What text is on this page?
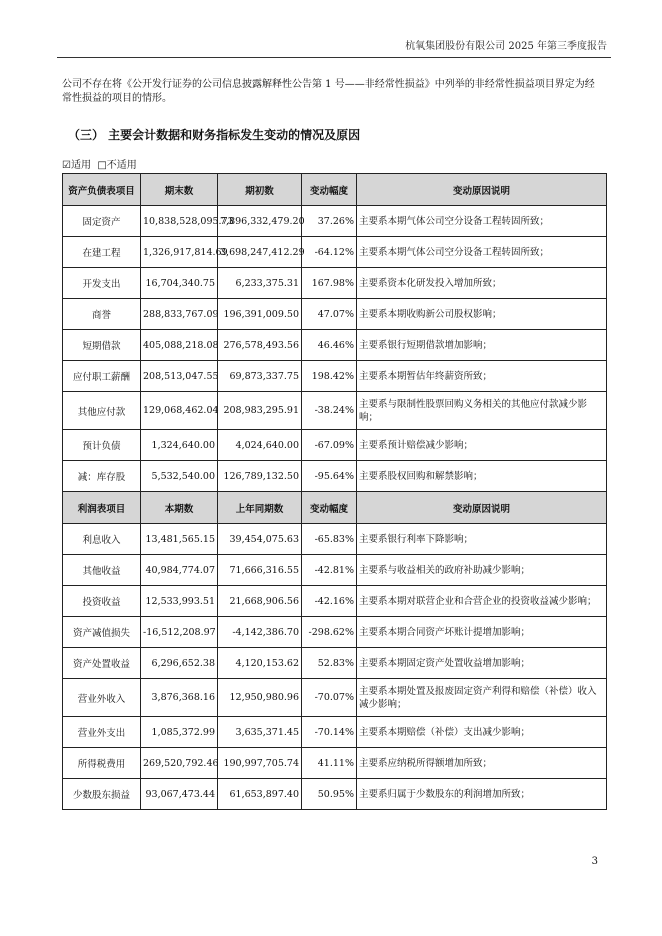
杭氧集团股份有限公司 2025 年第三季度报告
公司不存在将《公开发行证券的公司信息披露解释性公告第 1 号——非经常性损益》中列举的非经常性损益项目界定为经常性损益的项目的情形。
（三） 主要会计数据和财务指标发生变动的情况及原因
☑适用 □不适用
资产负债表项目	期末数	期初数	变动幅度	变动原因说明
固定资产	10,838,528,095.73	7,896,332,479.20	37.26%	主要系本期气体公司空分设备工程转固所致；
在建工程	1,326,917,814.69	3,698,247,412.29	-64.12%	主要系本期气体公司空分设备工程转固所致；
开发支出	16,704,340.75	6,233,375.31	167.98%	主要系资本化研发投入增加所致；
商誉	288,833,767.09	196,391,009.50	47.07%	主要系本期收购新公司股权影响；
短期借款	405,088,218.08	276,578,493.56	46.46%	主要系银行短期借款增加影响；
应付职工薪酬	208,513,047.55	69,873,337.75	198.42%	主要系本期暂估年终薪资所致；
其他应付款	129,068,462.04	208,983,295.91	-38.24%	主要系与限制性股票回购义务相关的其他应付款减少影响；
预计负债	1,324,640.00	4,024,640.00	-67.09%	主要系预计赔偿减少影响；
减：库存股	5,532,540.00	126,789,132.50	-95.64%	主要系股权回购和解禁影响；
利润表项目	本期数	上年同期数	变动幅度	变动原因说明
利息收入	13,481,565.15	39,454,075.63	-65.83%	主要系银行利率下降影响；
其他收益	40,984,774.07	71,666,316.55	-42.81%	主要系与收益相关的政府补助减少影响；
投资收益	12,533,993.51	21,668,906.56	-42.16%	主要系本期对联营企业和合营企业的投资收益减少影响；
资产减值损失	-16,512,208.97	-4,142,386.70	-298.62%	主要系本期合同资产坏账计提增加影响；
资产处置收益	6,296,652.38	4,120,153.62	52.83%	主要系本期固定资产处置收益增加影响；
营业外收入	3,876,368.16	12,950,980.96	-70.07%	主要系本期处置及报废固定资产利得和赔偿（补偿）收入减少影响；
营业外支出	1,085,372.99	3,635,371.45	-70.14%	主要系本期赔偿（补偿）支出减少影响；
所得税费用	269,520,792.46	190,997,705.74	41.11%	主要系应纳税所得额增加所致；
少数股东损益	93,067,473.44	61,653,897.40	50.95%	主要系归属于少数股东的利润增加所致；
3
